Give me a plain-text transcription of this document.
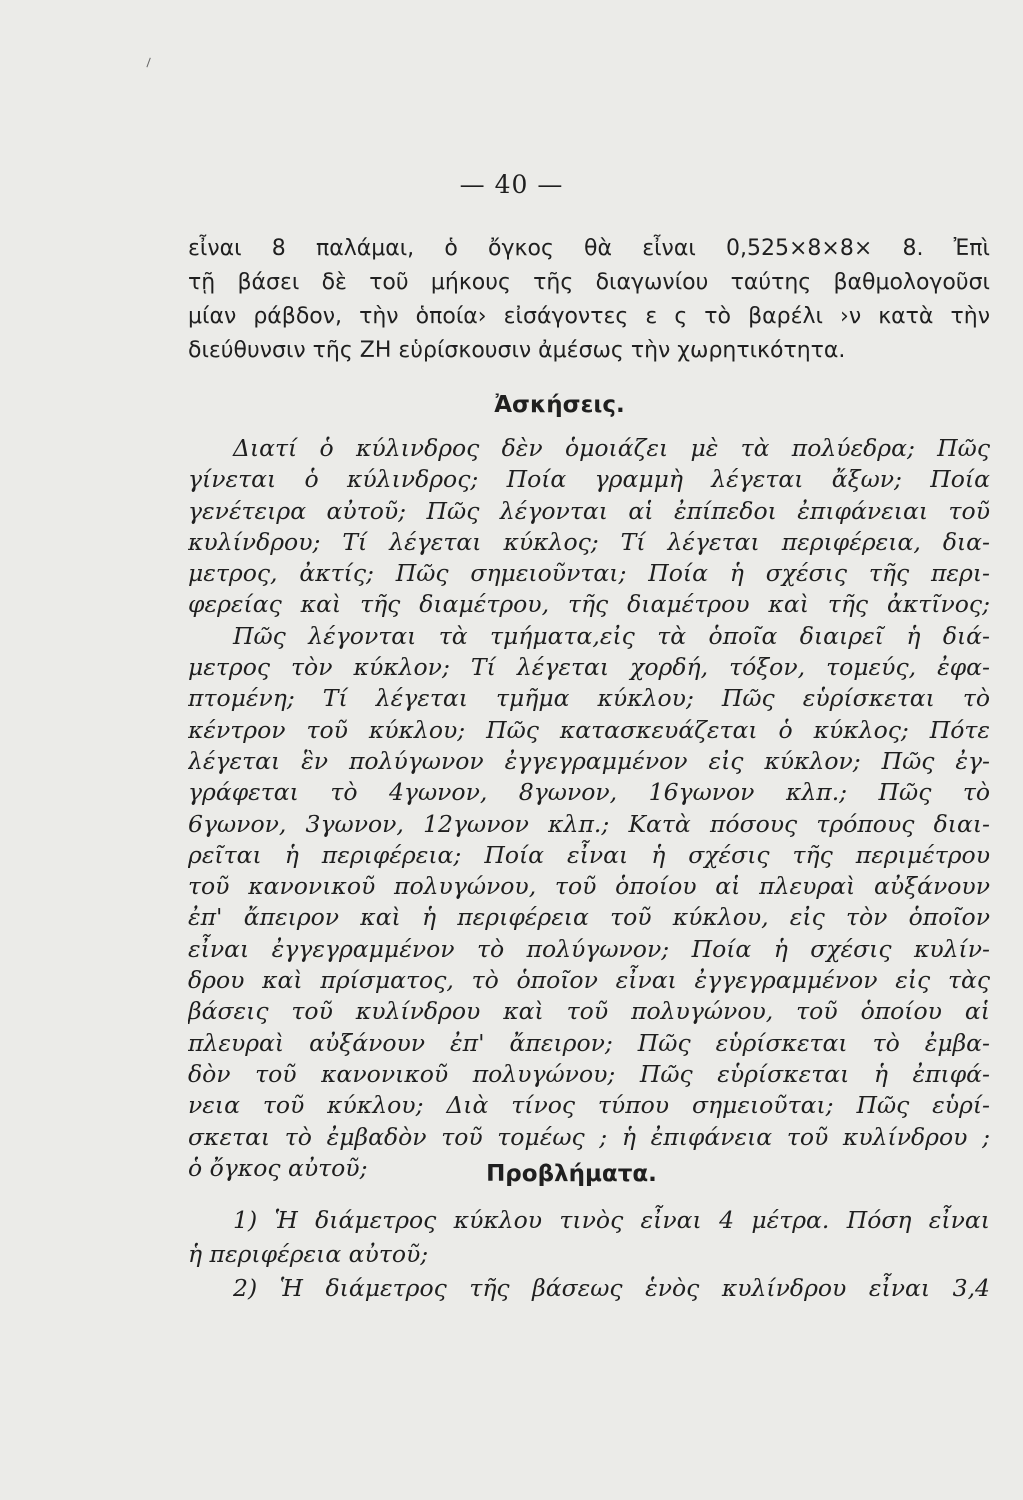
— 40 —
εἶναι 8 παλάμαι, ὁ ὄγκος θὰ εἶναι 0,525×8×8× 8. Ἐπὶ
τῇ βάσει δὲ τοῦ μήκους τῆς διαγωνίου ταύτης βαθμολογοῦσι
μίαν ράβδον, τὴν ὁποία› εἰσάγοντες ε ς τὸ βαρέλι ›ν κατὰ τὴν
διεύθυνσιν τῆς ΖΗ εὑρίσκουσιν ἀμέσως τὴν χωρητικότητα.
Ἀσκήσεις.
Διατί ὁ κύλινδρος δὲν ὁμοιάζει μὲ τὰ πολύεδρα; Πῶς
γίνεται ὁ κύλινδρος; Ποία γραμμὴ λέγεται ἄξων; Ποία
γενέτειρα αὐτοῦ; Πῶς λέγονται αἱ ἐπίπεδοι ἐπιφάνειαι τοῦ
κυλίνδρου; Τί λέγεται κύκλος; Τί λέγεται περιφέρεια, δια-
μετρος, ἀκτίς; Πῶς σημειοῦνται; Ποία ἡ σχέσις τῆς περι-
φερείας καὶ τῆς διαμέτρου, τῆς διαμέτρου καὶ τῆς ἀκτῖνος;
Πῶς λέγονται τὰ τμήματα,εἰς τὰ ὁποῖα διαιρεῖ ἡ διά-
μετρος τὸν κύκλον; Τί λέγεται χορδή, τόξον, τομεύς, ἐφα-
πτομένη; Τί λέγεται τμῆμα κύκλου; Πῶς εὑρίσκεται τὸ
κέντρον τοῦ κύκλου; Πῶς κατασκευάζεται ὁ κύκλος; Πότε
λέγεται ἓν πολύγωνον ἐγγεγραμμένον εἰς κύκλον; Πῶς ἐγ-
γράφεται τὸ 4γωνον, 8γωνον, 16γωνον κλπ.; Πῶς τὸ
6γωνον, 3γωνον, 12γωνον κλπ.; Κατὰ πόσους τρόπους διαι-
ρεῖται ἡ περιφέρεια; Ποία εἶναι ἡ σχέσις τῆς περιμέτρου
τοῦ κανονικοῦ πολυγώνου, τοῦ ὁποίου αἱ πλευραὶ αὐξάνουν
ἐπ' ἄπειρον καὶ ἡ περιφέρεια τοῦ κύκλου, εἰς τὸν ὁποῖον
εἶναι ἐγγεγραμμένον τὸ πολύγωνον; Ποία ἡ σχέσις κυλίν-
δρου καὶ πρίσματος, τὸ ὁποῖον εἶναι ἐγγεγραμμένον εἰς τὰς
βάσεις τοῦ κυλίνδρου καὶ τοῦ πολυγώνου, τοῦ ὁποίου αἱ
πλευραὶ αὐξάνουν ἐπ' ἄπειρον; Πῶς εὑρίσκεται τὸ ἐμβα-
δὸν τοῦ κανονικοῦ πολυγώνου; Πῶς εὑρίσκεται ἡ ἐπιφά-
νεια τοῦ κύκλου; Διὰ τίνος τύπου σημειοῦται; Πῶς εὑρί-
σκεται τὸ ἐμβαδὸν τοῦ τομέως ; ἡ ἐπιφάνεια τοῦ κυλίνδρου ;
ὁ ὄγκος αὐτοῦ;	Προβλήματα.
1) Ἡ διάμετρος κύκλου τινὸς εἶναι 4 μέτρα. Πόση εἶναι
ἡ περιφέρεια αὐτοῦ;
2) Ἡ διάμετρος τῆς βάσεως ἑνὸς κυλίνδρου εἶναι 3,4
